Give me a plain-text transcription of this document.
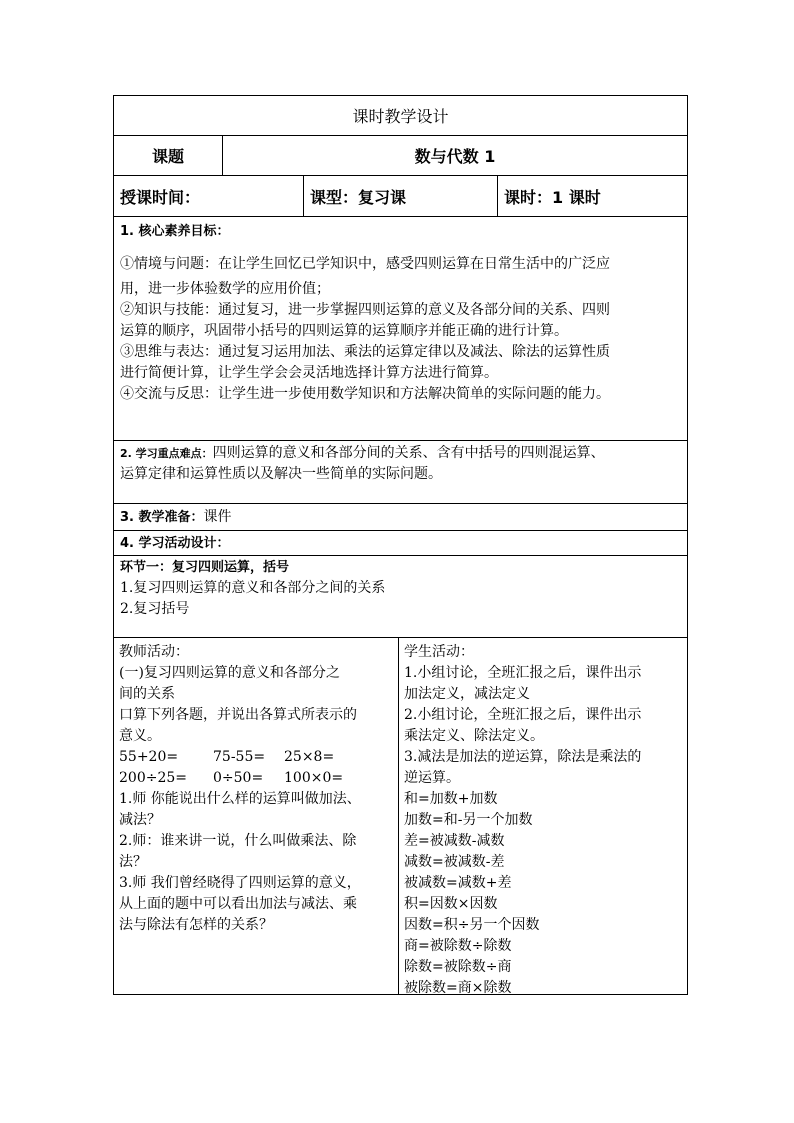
课时教学设计
课题	数与代数 1
授课时间：	课型：复习课	课时：1 课时
1. 核心素养目标：
①情境与问题：在让学生回忆已学知识中，感受四则运算在日常生活中的广泛应
用，进一步体验数学的应用价值；
②知识与技能：通过复习，进一步掌握四则运算的意义及各部分间的关系、四则
运算的顺序，巩固带小括号的四则运算的运算顺序并能正确的进行计算。
③思维与表达：通过复习运用加法、乘法的运算定律以及减法、除法的运算性质
进行简便计算，让学生学会会灵活地选择计算方法进行简算。
④交流与反思：让学生进一步使用数学知识和方法解决简单的实际问题的能力。
2. 学习重点难点：四则运算的意义和各部分间的关系、含有中括号的四则混运算、
运算定律和运算性质以及解决一些简单的实际问题。
3. 教学准备：课件
4. 学习活动设计：
环节一：复习四则运算，括号
1.复习四则运算的意义和各部分之间的关系
2.复习括号
教师活动：
(一)复习四则运算的意义和各部分之
间的关系
口算下列各题，并说出各算式所表示的
意义。
55+20=	75-55=	25×8=
200÷25= 0÷50=	100×0=
1.师 你能说出什么样的运算叫做加法、
减法？
2.师：谁来讲一说，什么叫做乘法、除
法？
3.师 我们曾经晓得了四则运算的意义，
从上面的题中可以看出加法与减法、乘
法与除法有怎样的关系？
学生活动：
1.小组讨论，全班汇报之后，课件出示
加法定义，减法定义
2.小组讨论，全班汇报之后，课件出示
乘法定义、除法定义。
3.减法是加法的逆运算，除法是乘法的
逆运算。
和=加数+加数
加数=和-另一个加数
差=被减数-减数
减数=被减数-差
被减数=减数+差
积=因数×因数
因数=积÷另一个因数
商=被除数÷除数
除数=被除数÷商
被除数=商×除数
